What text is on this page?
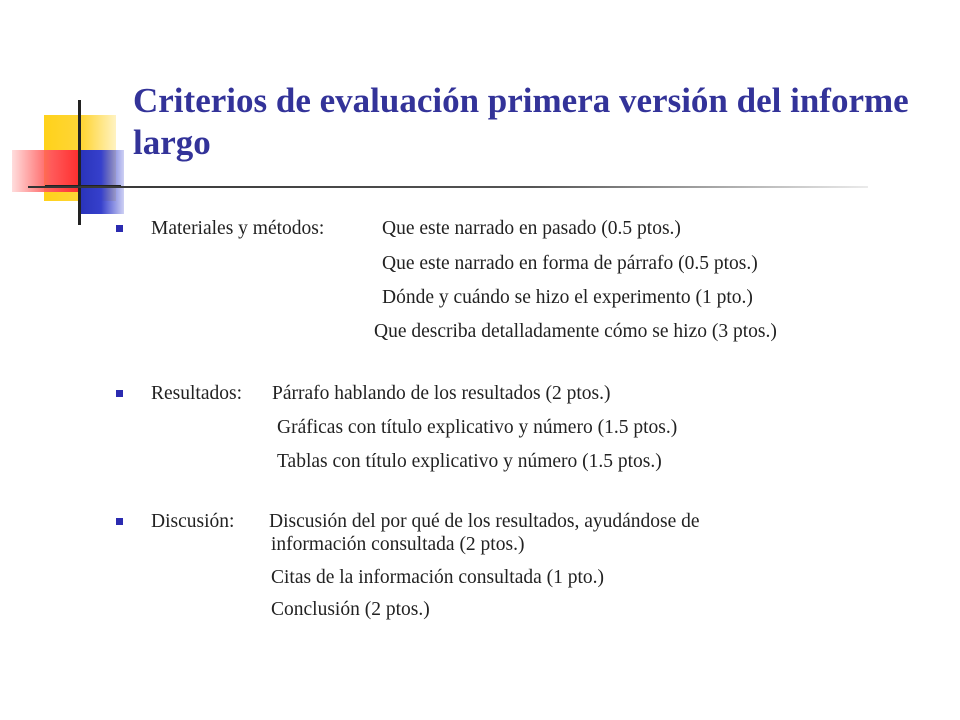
Criterios de evaluación primera versión del informe largo
Materiales y métodos:	Que este narrado en pasado (0.5 ptos.)
Que este narrado en forma de párrafo (0.5 ptos.)
Dónde y cuándo se hizo el experimento (1 pto.)
Que describa detalladamente cómo se hizo (3 ptos.)
Resultados: Párrafo hablando de los resultados (2 ptos.)
Gráficas con título explicativo y número (1.5 ptos.)
Tablas con título explicativo y número (1.5 ptos.)
Discusión: Discusión del por qué de los resultados, ayudándose de
información consultada (2 ptos.)
Citas de la información consultada (1 pto.)
Conclusión (2 ptos.)
